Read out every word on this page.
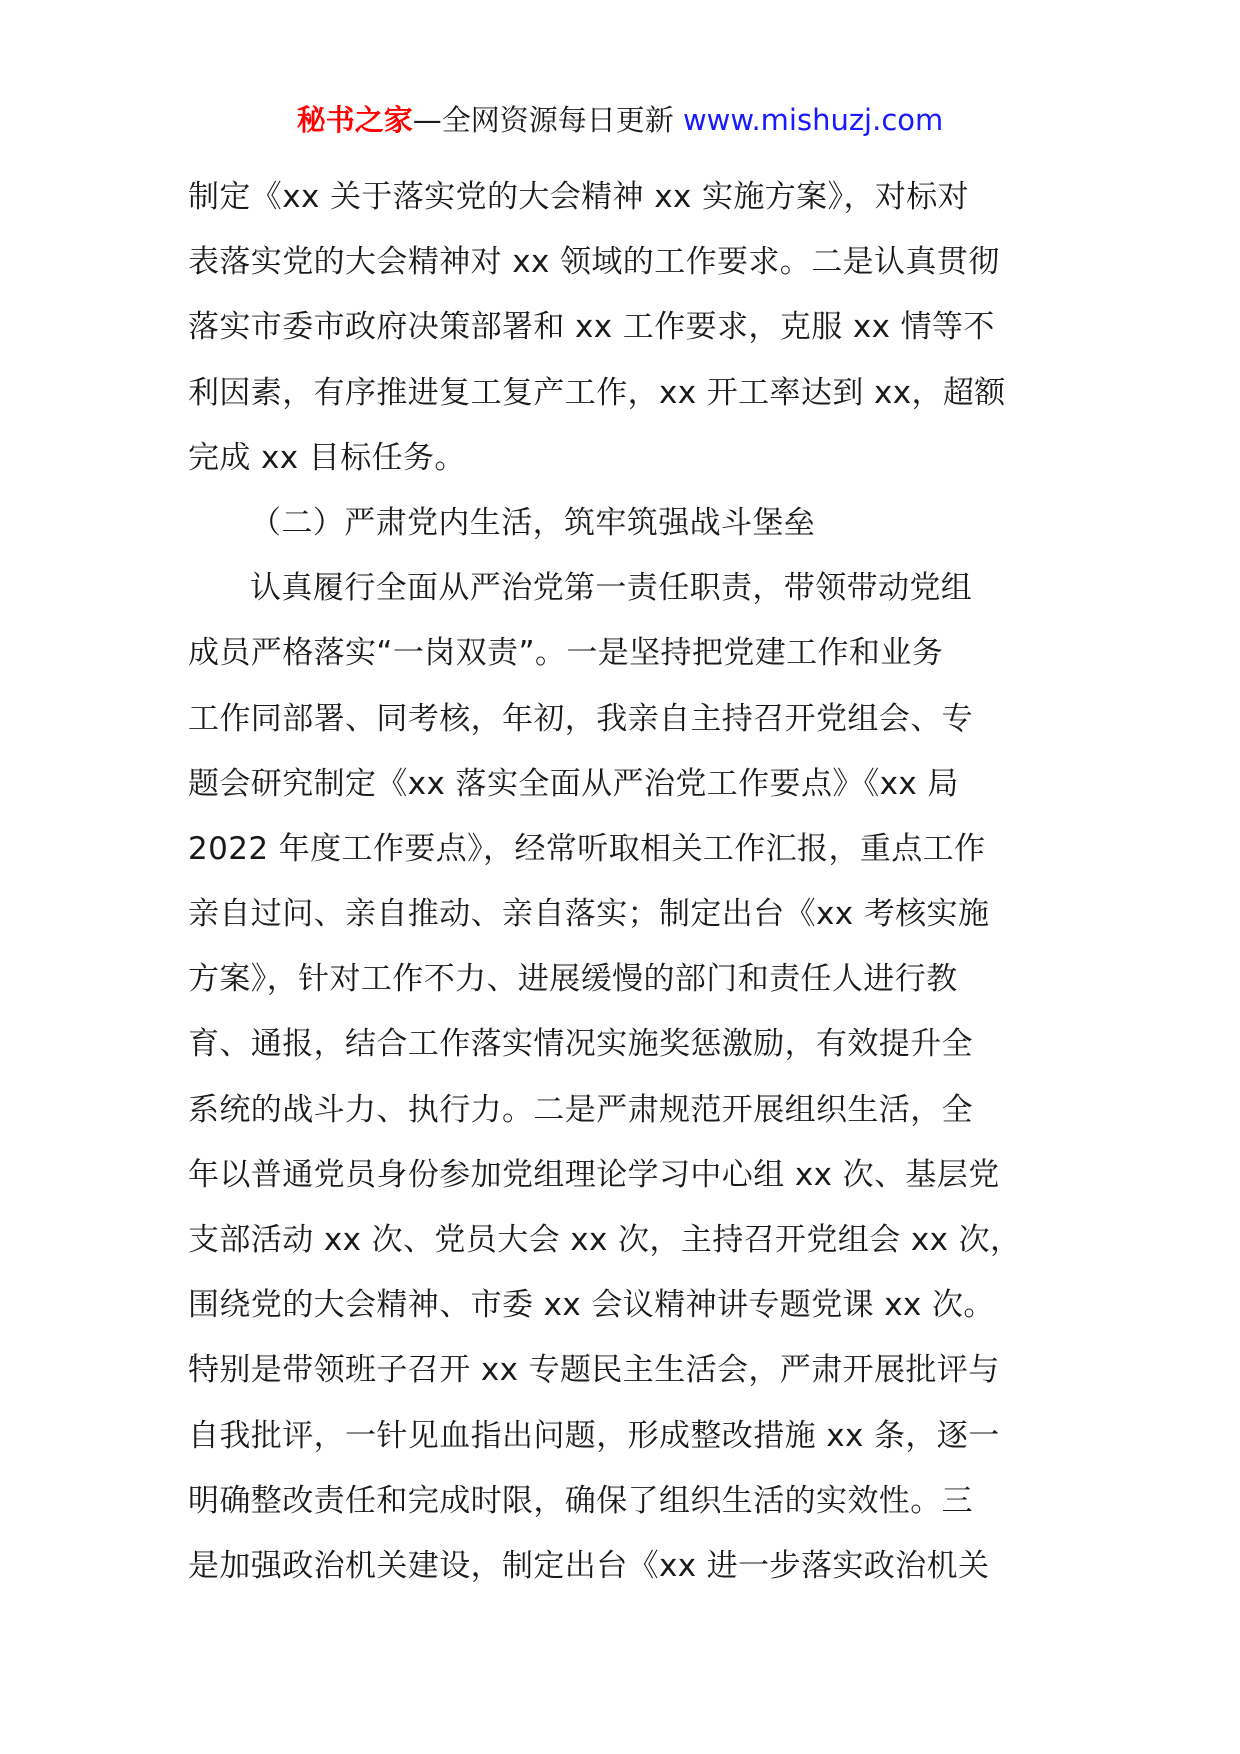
秘书之家—全网资源每日更新 www.mishuzj.com
制定《xx 关于落实党的大会精神 xx 实施方案》，对标对
表落实党的大会精神对 xx 领域的工作要求。二是认真贯彻
落实市委市政府决策部署和 xx 工作要求，克服 xx 情等不
利因素，有序推进复工复产工作，xx 开工率达到 xx，超额
完成 xx 目标任务。
（二）严肃党内生活，筑牢筑强战斗堡垒
认真履行全面从严治党第一责任职责，带领带动党组
成员严格落实“一岗双责”。一是坚持把党建工作和业务
工作同部署、同考核，年初，我亲自主持召开党组会、专
题会研究制定《xx 落实全面从严治党工作要点》《xx 局
2022 年度工作要点》，经常听取相关工作汇报，重点工作
亲自过问、亲自推动、亲自落实；制定出台《xx 考核实施
方案》，针对工作不力、进展缓慢的部门和责任人进行教
育、通报，结合工作落实情况实施奖惩激励，有效提升全
系统的战斗力、执行力。二是严肃规范开展组织生活，全
年以普通党员身份参加党组理论学习中心组 xx 次、基层党
支部活动 xx 次、党员大会 xx 次，主持召开党组会 xx 次，
围绕党的大会精神、市委 xx 会议精神讲专题党课 xx 次。
特别是带领班子召开 xx 专题民主生活会，严肃开展批评与
自我批评，一针见血指出问题，形成整改措施 xx 条，逐一
明确整改责任和完成时限，确保了组织生活的实效性。三
是加强政治机关建设，制定出台《xx 进一步落实政治机关
